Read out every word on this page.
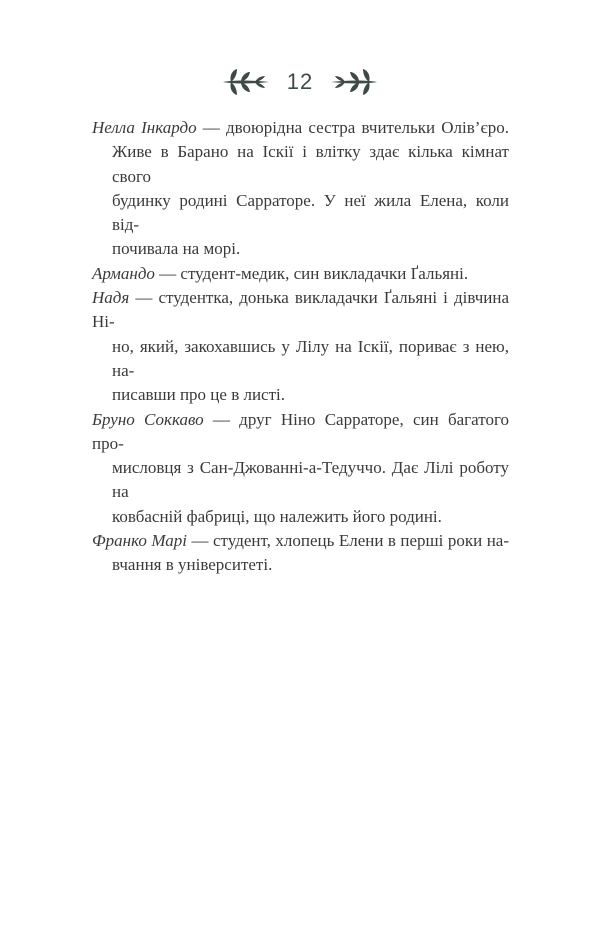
12

Нелла Інкардо — двоюрідна сестра вчительки Олів’єро.
Живе в Барано на Іскії і влітку здає кілька кімнат свого
будинку родині Сарраторе. У неї жила Елена, коли від-
почивала на морі.

Армандо — студент-медик, син викладачки Ґальяні.

Надя — студентка, донька викладачки Ґальяні і дівчина Ні-
но, який, закохавшись у Лілу на Іскії, пориває з нею, на-
писавши про це в листі.

Бруно Соккаво — друг Ніно Сарраторе, син багатого про-
мисловця з Сан-Джованні-а-Тедуччо. Дає Лілі роботу на
ковбасній фабриці, що належить його родині.

Франко Марі — студент, хлопець Елени в перші роки на-
вчання в університеті.
